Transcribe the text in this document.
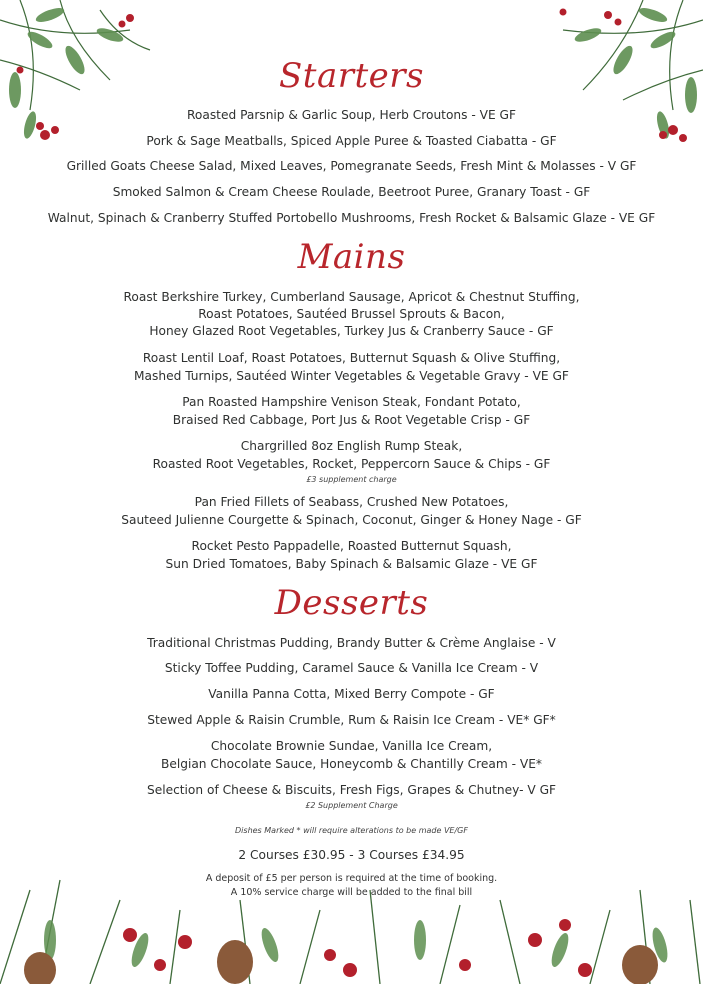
Starters
Roasted Parsnip & Garlic Soup, Herb Croutons - VE GF
Pork & Sage Meatballs, Spiced Apple Puree & Toasted Ciabatta - GF
Grilled Goats Cheese Salad, Mixed Leaves, Pomegranate Seeds, Fresh Mint & Molasses - V GF
Smoked Salmon & Cream Cheese Roulade, Beetroot Puree, Granary Toast - GF
Walnut, Spinach & Cranberry Stuffed Portobello Mushrooms, Fresh Rocket & Balsamic Glaze - VE GF
Mains
Roast Berkshire Turkey, Cumberland Sausage, Apricot & Chestnut Stuffing,
Roast Potatoes, Sautéed Brussel Sprouts & Bacon,
Honey Glazed Root Vegetables, Turkey Jus & Cranberry Sauce - GF
Roast Lentil Loaf, Roast Potatoes, Butternut Squash & Olive Stuffing,
Mashed Turnips, Sautéed Winter Vegetables & Vegetable Gravy - VE GF
Pan Roasted Hampshire Venison Steak, Fondant Potato,
Braised Red Cabbage, Port Jus & Root Vegetable Crisp - GF
Chargrilled 8oz English Rump Steak,
Roasted Root Vegetables, Rocket, Peppercorn Sauce & Chips - GF
£3 supplement charge
Pan Fried Fillets of Seabass, Crushed New Potatoes,
Sauteed Julienne Courgette & Spinach, Coconut, Ginger & Honey Nage - GF
Rocket Pesto Pappadelle, Roasted Butternut Squash,
Sun Dried Tomatoes, Baby Spinach & Balsamic Glaze - VE GF
Desserts
Traditional Christmas Pudding, Brandy Butter & Crème Anglaise - V
Sticky Toffee Pudding, Caramel Sauce & Vanilla Ice Cream - V
Vanilla Panna Cotta, Mixed Berry Compote - GF
Stewed Apple & Raisin Crumble, Rum & Raisin Ice Cream - VE* GF*
Chocolate Brownie Sundae, Vanilla Ice Cream,
Belgian Chocolate Sauce, Honeycomb & Chantilly Cream - VE*
Selection of Cheese & Biscuits, Fresh Figs, Grapes & Chutney- V GF
£2 Supplement Charge
Dishes Marked * will require alterations to be made VE/GF
2 Courses £30.95 - 3 Courses £34.95
A deposit of £5 per person is required at the time of booking.
A 10% service charge will be added to the final bill
